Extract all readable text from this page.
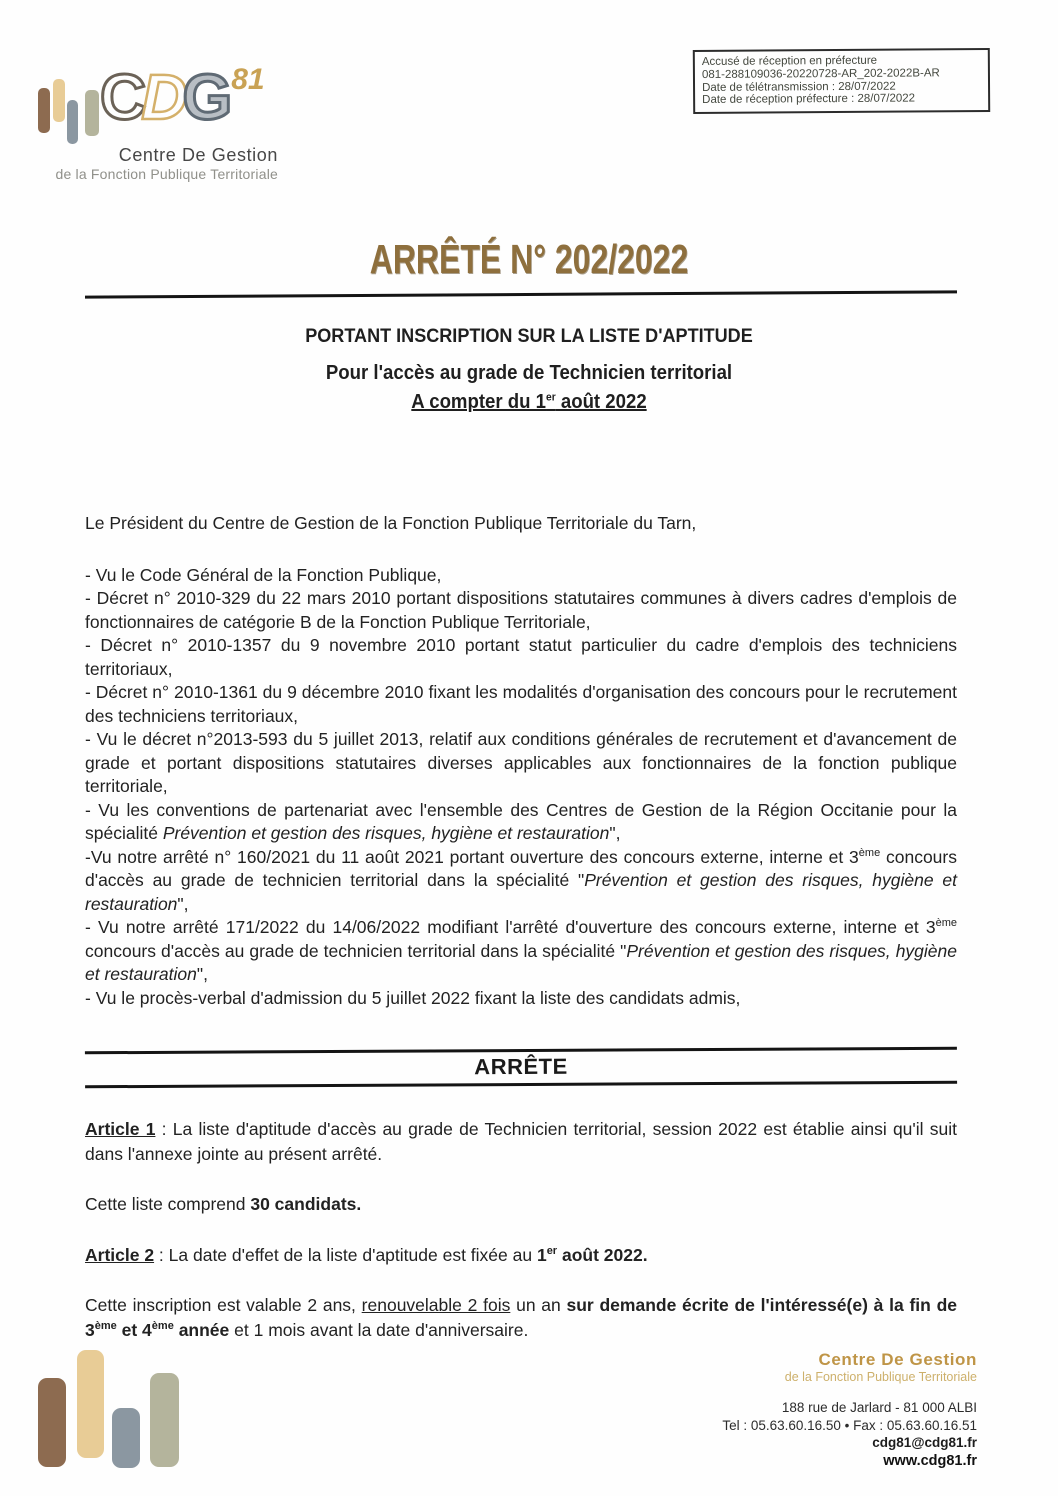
CDG $^{81}$
Centre De Gestion
de la Fonction Publique Territoriale
Accusé de réception en préfecture
081-288109036-20220728-AR_202-2022B-AR
Date de télétransmission : 28/07/2022
Date de réception préfecture : 28/07/2022
ARRÊTÉ N° 202/2022

PORTANT INSCRIPTION SUR LA LISTE D'APTITUDE

Pour l'accès au grade de Technicien territorial

A compter du 1er août 2022

Le Président du Centre de Gestion de la Fonction Publique Territoriale du Tarn,

- Vu le Code Général de la Fonction Publique,

- Décret n° 2010-329 du 22 mars 2010 portant dispositions statutaires communes à divers cadres d'emplois de fonctionnaires de catégorie B de la Fonction Publique Territoriale,

- Décret n° 2010-1357 du 9 novembre 2010 portant statut particulier du cadre d'emplois des techniciens territoriaux,

- Décret n° 2010-1361 du 9 décembre 2010 fixant les modalités d'organisation des concours pour le recrutement des techniciens territoriaux,

- Vu le décret n°2013-593 du 5 juillet 2013, relatif aux conditions générales de recrutement et d'avancement de grade et portant dispositions statutaires diverses applicables aux fonctionnaires de la fonction publique territoriale,

- Vu les conventions de partenariat avec l'ensemble des Centres de Gestion de la Région Occitanie pour la spécialité Prévention et gestion des risques, hygiène et restauration",

-Vu notre arrêté n° 160/2021 du 11 août 2021 portant ouverture des concours externe, interne et 3ème concours d'accès au grade de technicien territorial dans la spécialité "Prévention et gestion des risques, hygiène et restauration",

- Vu notre arrêté 171/2022 du 14/06/2022 modifiant l'arrêté d'ouverture des concours externe, interne et 3ème concours d'accès au grade de technicien territorial dans la spécialité "Prévention et gestion des risques, hygiène et restauration",

- Vu le procès-verbal d'admission du 5 juillet 2022 fixant la liste des candidats admis,

ARRÊTE

Article 1 : La liste d'aptitude d'accès au grade de Technicien territorial, session 2022 est établie ainsi qu'il suit dans l'annexe jointe au présent arrêté.

Cette liste comprend 30 candidats.

Article 2 : La date d'effet de la liste d'aptitude est fixée au 1er août 2022.

Cette inscription est valable 2 ans, renouvelable 2 fois un an sur demande écrite de l'intéressé(e) à la fin de 3ème et 4ème année et 1 mois avant la date d'anniversaire.

Centre De Gestion
de la Fonction Publique Territoriale
188 rue de Jarlard - 81 000 ALBI
Tel : 05.63.60.16.50 • Fax : 05.63.60.16.51
cdg81@cdg81.fr
www.cdg81.fr
